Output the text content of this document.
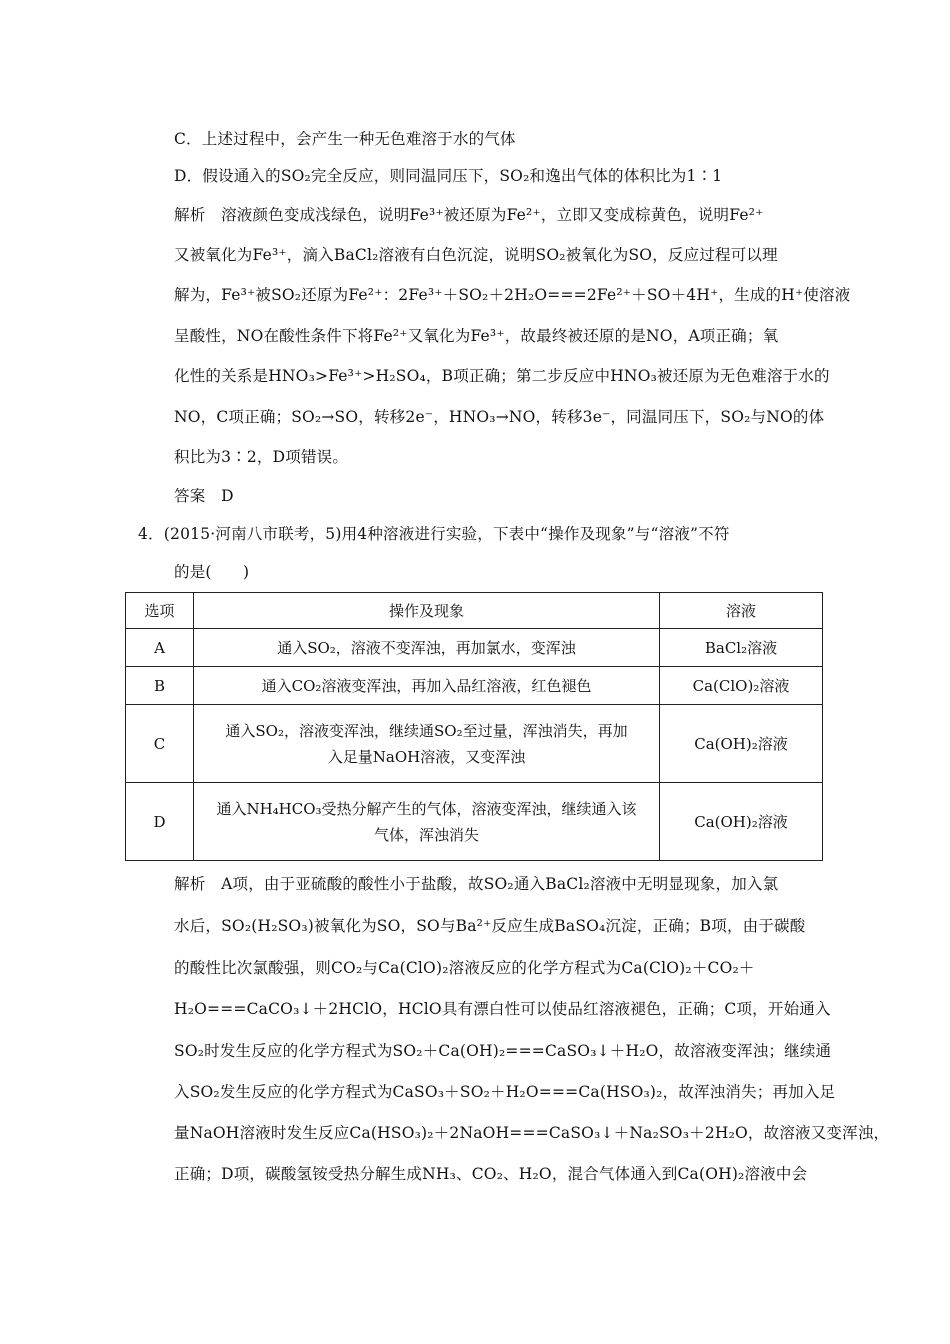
C．上述过程中，会产生一种无色难溶于水的气体
D．假设通入的SO₂完全反应，则同温同压下，SO₂和逸出气体的体积比为1∶1
解析　溶液颜色变成浅绿色，说明Fe³⁺被还原为Fe²⁺，立即又变成棕黄色，说明Fe²⁺
又被氧化为Fe³⁺，滴入BaCl₂溶液有白色沉淀，说明SO₂被氧化为SO，反应过程可以理
解为，Fe³⁺被SO₂还原为Fe²⁺：2Fe³⁺＋SO₂＋2H₂O===2Fe²⁺＋SO＋4H⁺，生成的H⁺使溶液
呈酸性，NO在酸性条件下将Fe²⁺又氧化为Fe³⁺，故最终被还原的是NO，A项正确；氧
化性的关系是HNO₃>Fe³⁺>H₂SO₄，B项正确；第二步反应中HNO₃被还原为无色难溶于水的
NO，C项正确；SO₂→SO，转移2e⁻，HNO₃→NO，转移3e⁻，同温同压下，SO₂与NO的体
积比为3∶2，D项错误。
答案　D
4．(2015·河南八市联考，5)用4种溶液进行实验，下表中“操作及现象”与“溶液”不符
的是(　　)
选项	操作及现象	溶液
A	通入SO₂，溶液不变浑浊，再加氯水，变浑浊	BaCl₂溶液
B	通入CO₂溶液变浑浊，再加入品红溶液，红色褪色	Ca(ClO)₂溶液
C	通入SO₂，溶液变浑浊，继续通SO₂至过量，浑浊消失，再加
入足量NaOH溶液，又变浑浊	Ca(OH)₂溶液
D	通入NH₄HCO₃受热分解产生的气体，溶液变浑浊，继续通入该
气体，浑浊消失	Ca(OH)₂溶液
解析　A项，由于亚硫酸的酸性小于盐酸，故SO₂通入BaCl₂溶液中无明显现象，加入氯
水后，SO₂(H₂SO₃)被氧化为SO，SO与Ba²⁺反应生成BaSO₄沉淀，正确；B项，由于碳酸
的酸性比次氯酸强，则CO₂与Ca(ClO)₂溶液反应的化学方程式为Ca(ClO)₂＋CO₂＋
H₂O===CaCO₃↓＋2HClO，HClO具有漂白性可以使品红溶液褪色，正确；C项，开始通入
SO₂时发生反应的化学方程式为SO₂＋Ca(OH)₂===CaSO₃↓＋H₂O，故溶液变浑浊；继续通
入SO₂发生反应的化学方程式为CaSO₃＋SO₂＋H₂O===Ca(HSO₃)₂，故浑浊消失；再加入足
量NaOH溶液时发生反应Ca(HSO₃)₂＋2NaOH===CaSO₃↓＋Na₂SO₃＋2H₂O，故溶液又变浑浊，
正确；D项，碳酸氢铵受热分解生成NH₃、CO₂、H₂O，混合气体通入到Ca(OH)₂溶液中会
